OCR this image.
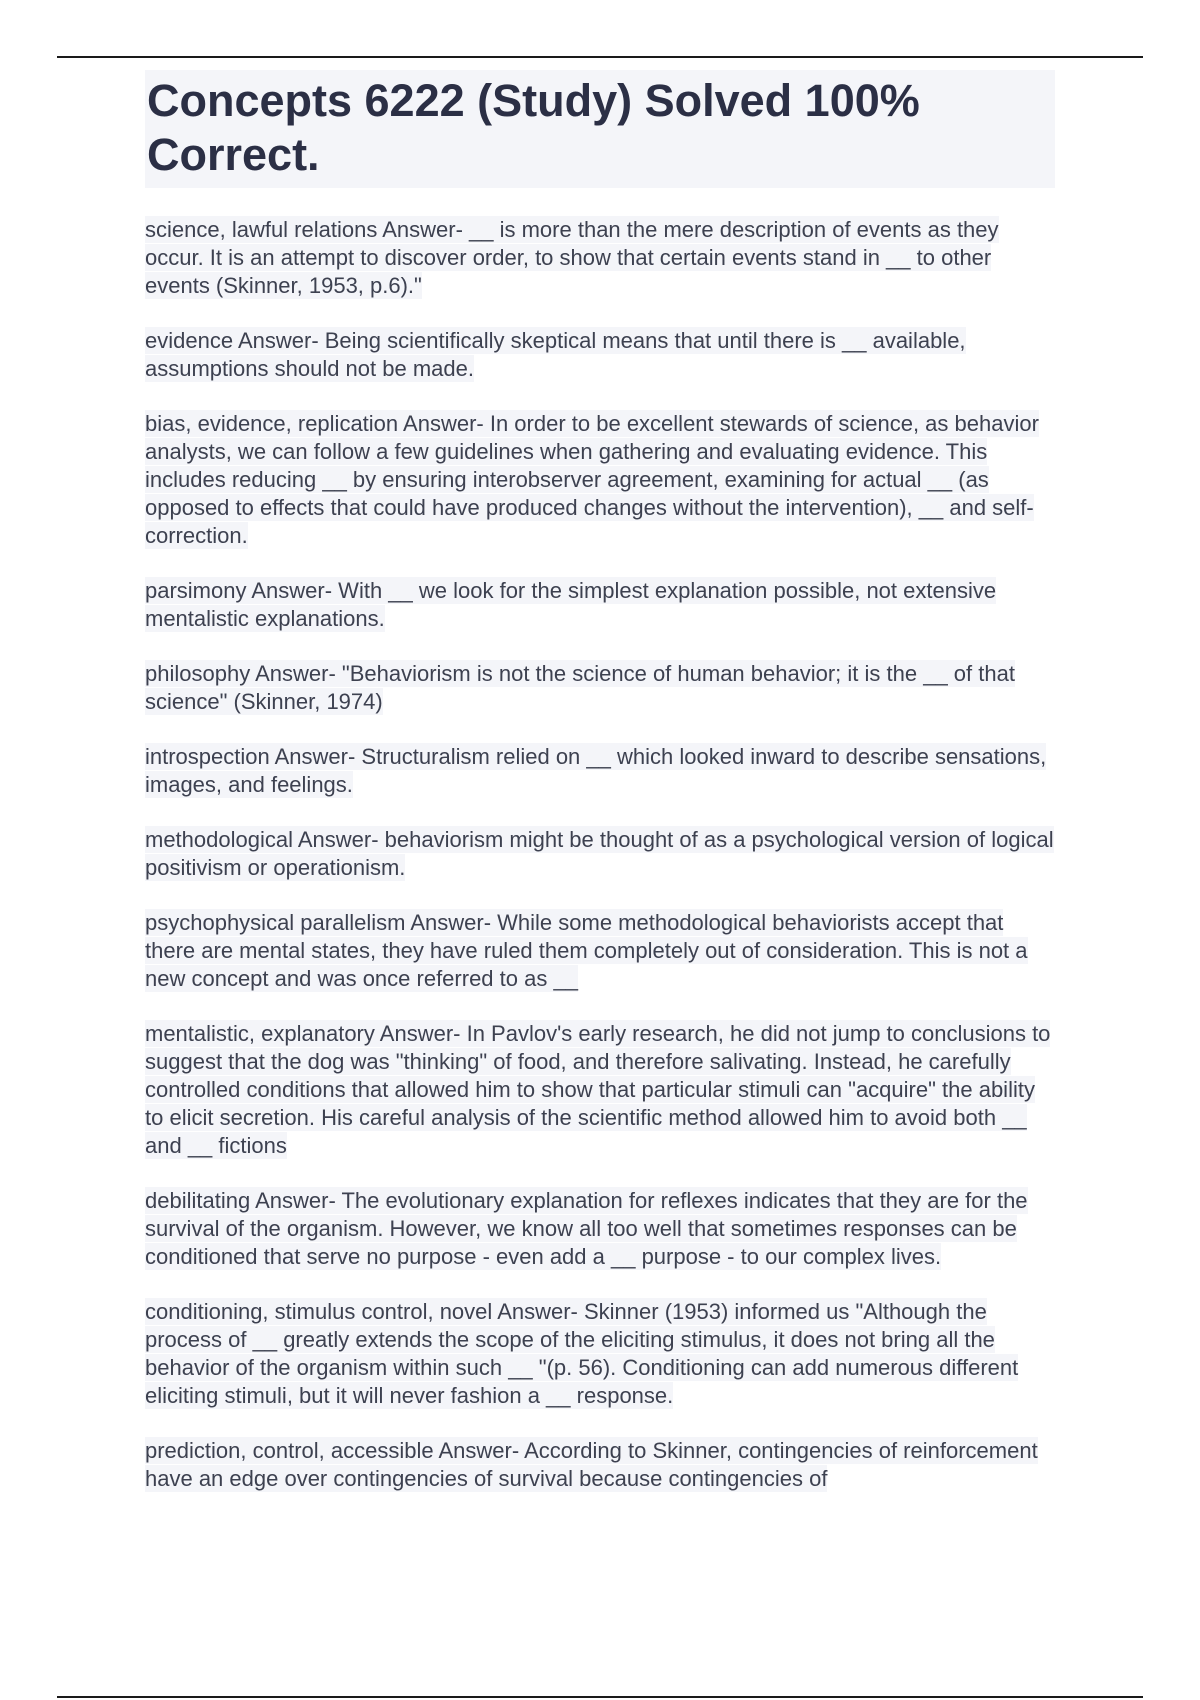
Concepts 6222 (Study) Solved 100% Correct.
science, lawful relations Answer- __ is more than the mere description of events as they occur. It is an attempt to discover order, to show that certain events stand in __ to other events (Skinner, 1953, p.6)."
evidence Answer- Being scientifically skeptical means that until there is __ available, assumptions should not be made.
bias, evidence, replication Answer- In order to be excellent stewards of science, as behavior analysts, we can follow a few guidelines when gathering and evaluating evidence. This includes reducing __ by ensuring interobserver agreement, examining for actual __ (as opposed to effects that could have produced changes without the intervention), __ and self-correction.
parsimony Answer- With __ we look for the simplest explanation possible, not extensive mentalistic explanations.
philosophy Answer- "Behaviorism is not the science of human behavior; it is the __ of that science" (Skinner, 1974)
introspection Answer- Structuralism relied on __ which looked inward to describe sensations, images, and feelings.
methodological Answer- behaviorism might be thought of as a psychological version of logical positivism or operationism.
psychophysical parallelism Answer- While some methodological behaviorists accept that there are mental states, they have ruled them completely out of consideration. This is not a new concept and was once referred to as __
mentalistic, explanatory Answer- In Pavlov's early research, he did not jump to conclusions to suggest that the dog was "thinking" of food, and therefore salivating. Instead, he carefully controlled conditions that allowed him to show that particular stimuli can "acquire" the ability to elicit secretion. His careful analysis of the scientific method allowed him to avoid both __ and __ fictions
debilitating Answer- The evolutionary explanation for reflexes indicates that they are for the survival of the organism. However, we know all too well that sometimes responses can be conditioned that serve no purpose - even add a __ purpose - to our complex lives.
conditioning, stimulus control, novel Answer- Skinner (1953) informed us "Although the process of __ greatly extends the scope of the eliciting stimulus, it does not bring all the behavior of the organism within such __ "(p. 56). Conditioning can add numerous different eliciting stimuli, but it will never fashion a __ response.
prediction, control, accessible Answer- According to Skinner, contingencies of reinforcement have an edge over contingencies of survival because contingencies of
